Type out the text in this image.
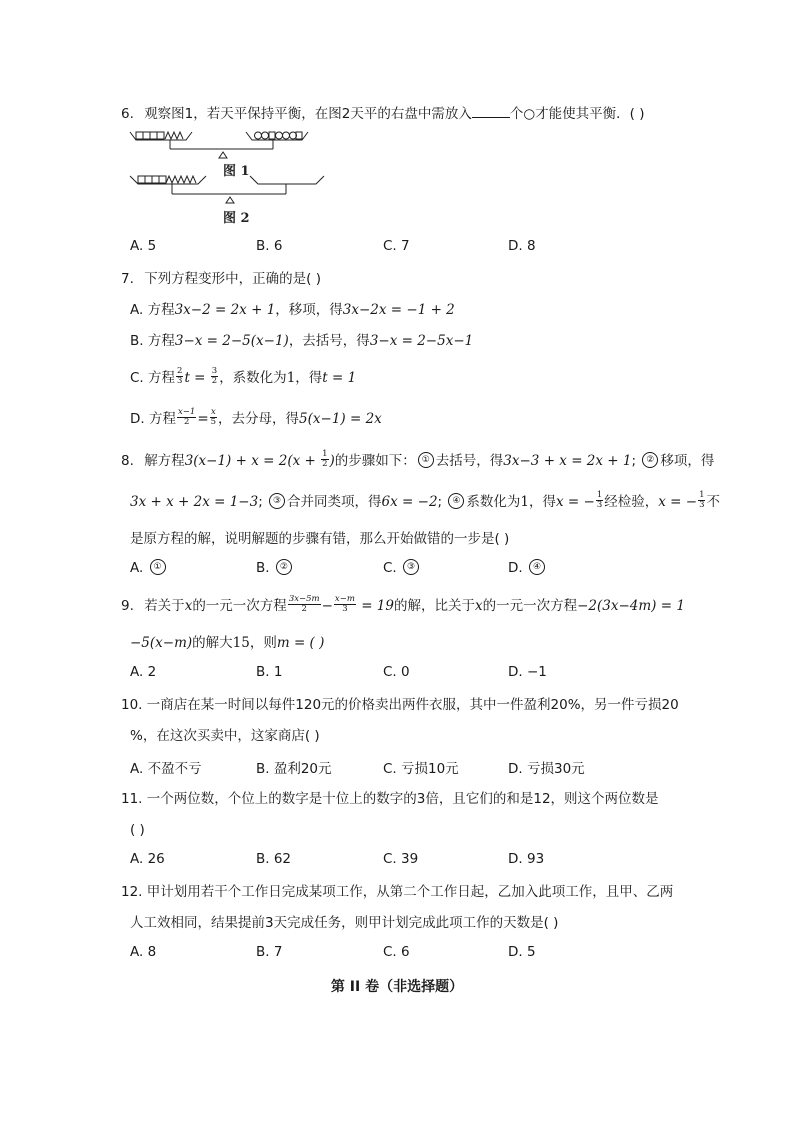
6. 观察图1，若天平保持平衡，在图2天平的右盘中需放入	个○才能使其平衡．( )
图 1
图 2
A. 5	B. 6	C. 7	D. 8
7. 下列方程变形中，正确的是( )
A. 方程3x−2 = 2x + 1，移项，得3x−2x = −1 + 2
B. 方程3−x = 2−5(x−1)，去括号，得3−x = 2−5x−1
C. 方程 $\frac{2}{3}$ $t = \frac{3}{2}$ ，系数化为1，得t = 1
D. 方程 $\frac{x-1}{2} = \frac{x}{5}$ ，去分母，得5(x−1) = 2x
8. 解方程$3(x-1) + x = 2(x + \frac{1}{2}$ )的步骤如下： ① 去括号，得3x−3 + x = 2x + 1; ② 移项，得
3x + x + 2x = 1−3; ③ 合并同类项，得6x = −2; ④ 系数化为1，得x = − $\frac{1}{3}$ 经检验，x = − $\frac{1}{3}$ 不
是原方程的解，说明解题的步骤有错，那么开始做错的一步是( )
A. ①	B. ②	C. ③	D. ④
9. 若关于x的一元一次方程 $\frac{3x-5m}{2} - \frac{x-m}{3} = 19$的解，比关于x的一元一次方程−2(3x−4m) = 1
−5(x−m)的解大15，则m = ( )
A. 2	B. 1	C. 0	D. −1
10. 一商店在某一时间以每件120元的价格卖出两件衣服，其中一件盈利20%，另一件亏损20
%，在这次买卖中，这家商店( )
A. 不盈不亏	B. 盈利20元	C. 亏损10元	D. 亏损30元
11. 一个两位数，个位上的数字是十位上的数字的3倍，且它们的和是12，则这个两位数是
( )
A. 26	B. 62	C. 39	D. 93
12. 甲计划用若干个工作日完成某项工作，从第二个工作日起，乙加入此项工作，且甲、乙两
人工效相同，结果提前3天完成任务，则甲计划完成此项工作的天数是( )
A. 8	B. 7	C. 6	D. 5
第 II 卷（非选择题）
